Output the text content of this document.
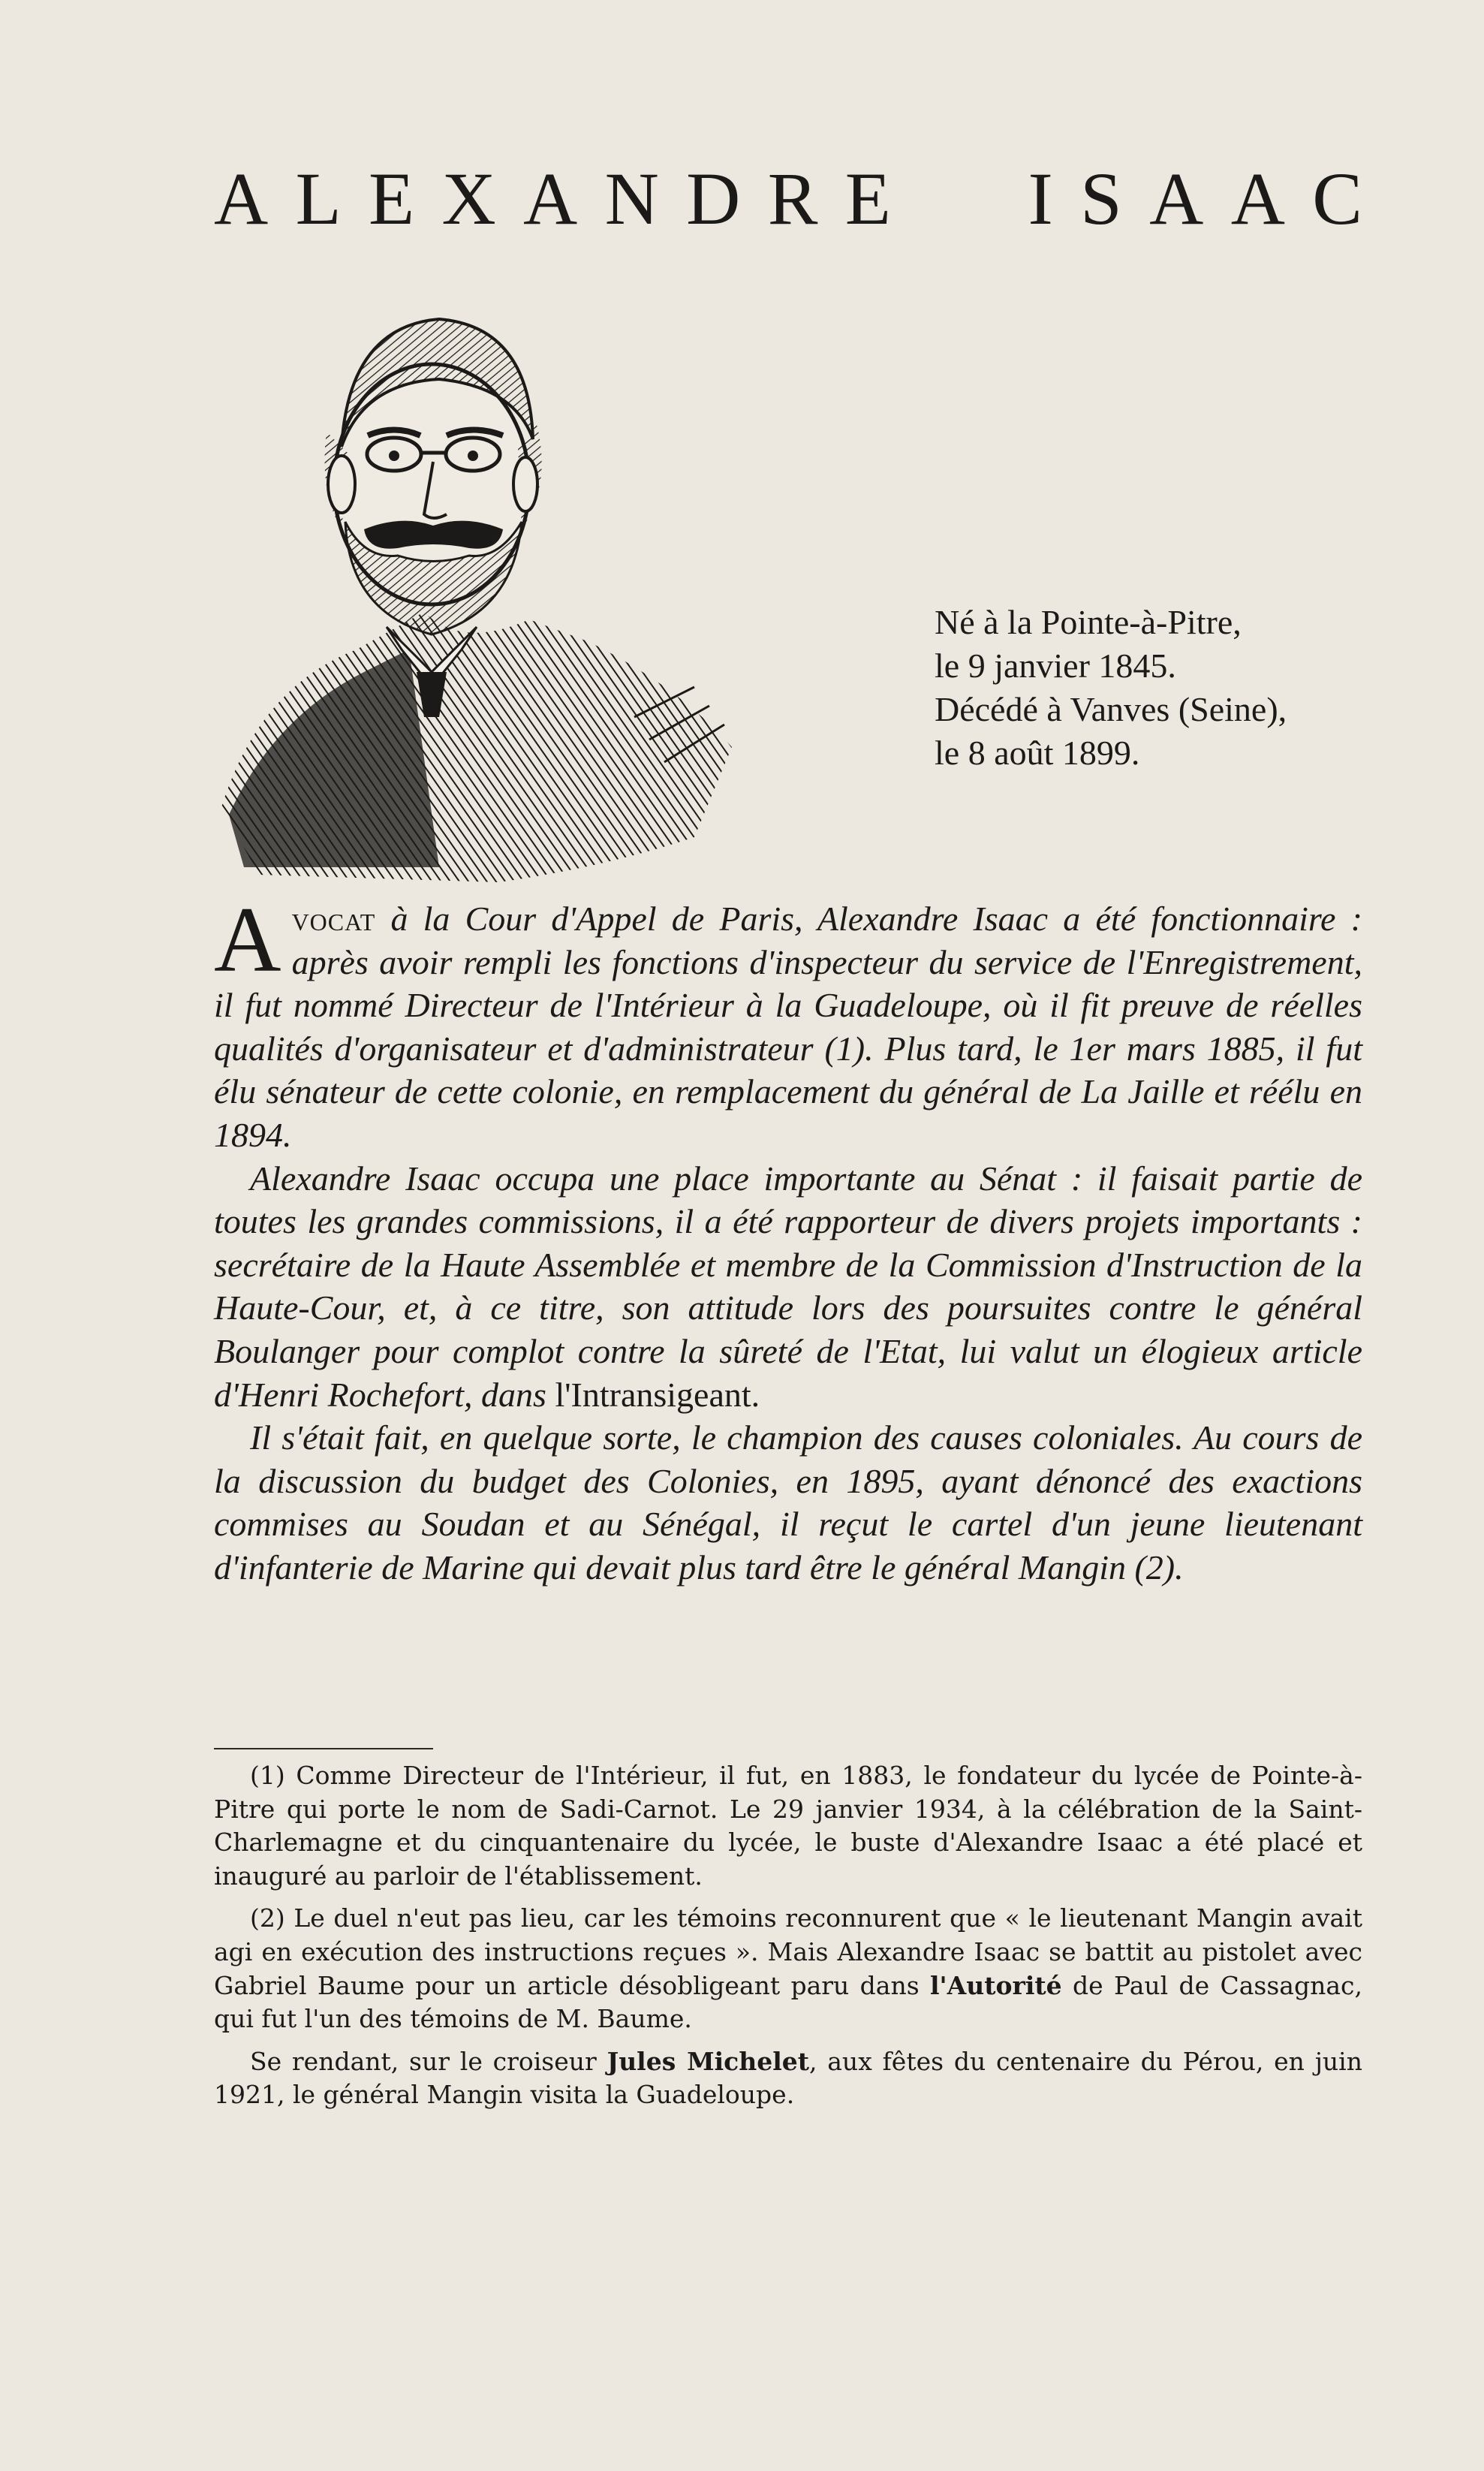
A L E X A N D R E I S A A C
Né à la Pointe-à-Pitre,
le 9 janvier 1845.
Décédé à Vanves (Seine),
le 8 août 1899.

Avocat à la Cour d'Appel de Paris, Alexandre Isaac a été fonctionnaire : après avoir rempli les fonctions d'inspecteur du service de l'Enregistrement, il fut nommé Directeur de l'Intérieur à la Guadeloupe, où il fit preuve de réelles qualités d'organisateur et d'administrateur (1). Plus tard, le 1er mars 1885, il fut élu sénateur de cette colonie, en remplacement du général de La Jaille et réélu en 1894.

Alexandre Isaac occupa une place importante au Sénat : il faisait partie de toutes les grandes commissions, il a été rapporteur de divers projets importants : secrétaire de la Haute Assemblée et membre de la Commission d'Instruction de la Haute-Cour, et, à ce titre, son attitude lors des poursuites contre le général Boulanger pour complot contre la sûreté de l'Etat, lui valut un élogieux article d'Henri Rochefort, dans l'Intransigeant.

Il s'était fait, en quelque sorte, le champion des causes coloniales. Au cours de la discussion du budget des Colonies, en 1895, ayant dénoncé des exactions commises au Soudan et au Sénégal, il reçut le cartel d'un jeune lieutenant d'infanterie de Marine qui devait plus tard être le général Mangin (2).

(1) Comme Directeur de l'Intérieur, il fut, en 1883, le fondateur du lycée de Pointe-à-Pitre qui porte le nom de Sadi-Carnot. Le 29 janvier 1934, à la célébration de la Saint-Charlemagne et du cinquantenaire du lycée, le buste d'Alexandre Isaac a été placé et inauguré au parloir de l'établissement.

(2) Le duel n'eut pas lieu, car les témoins reconnurent que « le lieutenant Mangin avait agi en exécution des instructions reçues ». Mais Alexandre Isaac se battit au pistolet avec Gabriel Baume pour un article désobligeant paru dans l'Autorité de Paul de Cassagnac, qui fut l'un des témoins de M. Baume.

Se rendant, sur le croiseur Jules Michelet, aux fêtes du centenaire du Pérou, en juin 1921, le général Mangin visita la Guadeloupe.
